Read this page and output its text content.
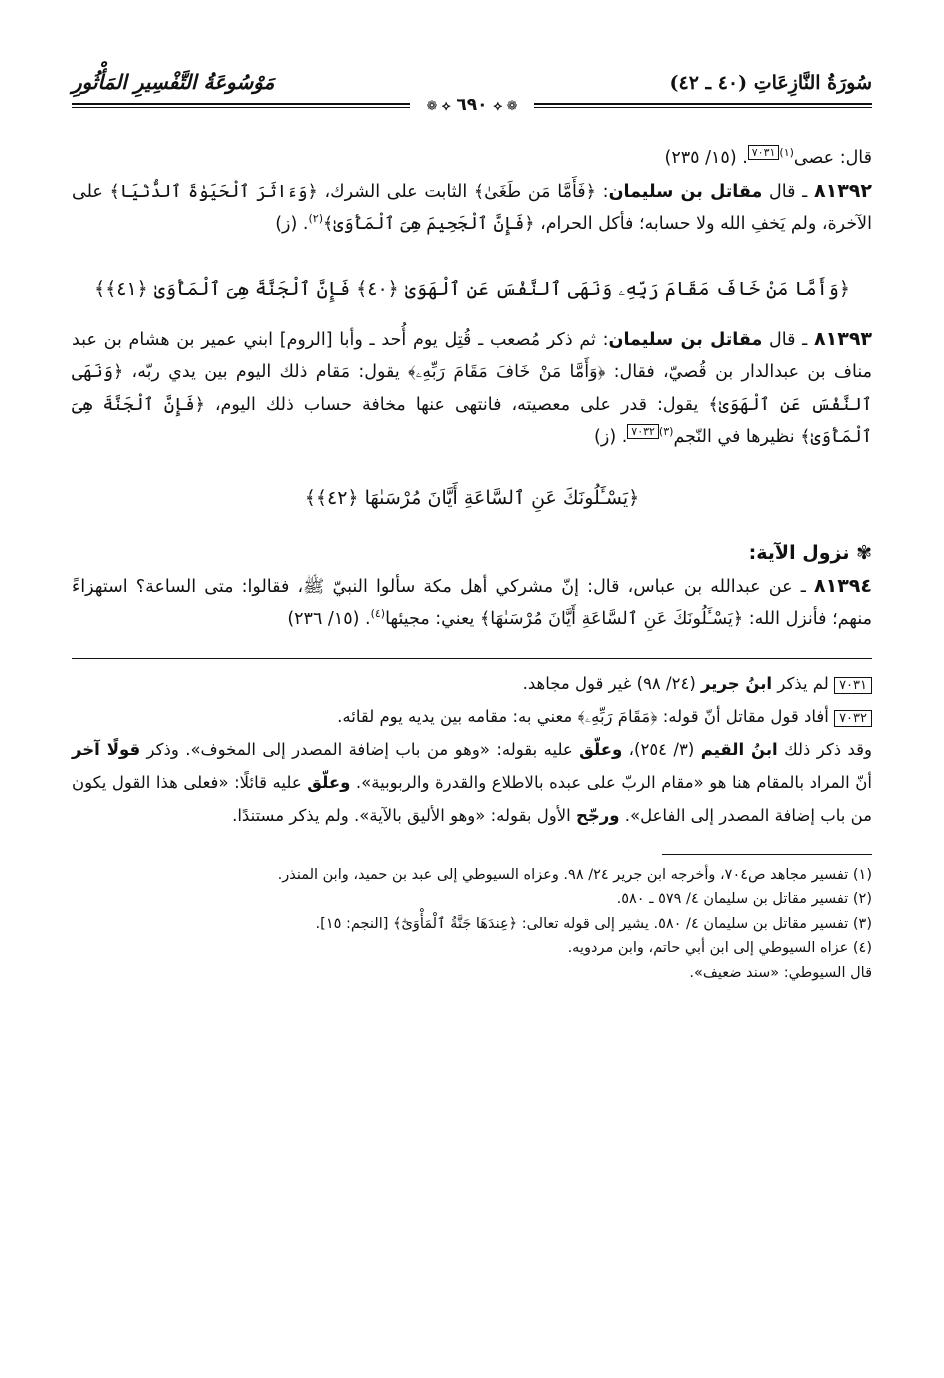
سُورَةُ النَّازِعَاتِ (٤٠ ـ ٤٢)
مَوْسُوعَةُ التَّفْسِيرِ المَأْثُورِ
❁ ⟡ ٦٩٠ ⟡ ❁

قال: عصى$^{(١)}$٧٠٣١. (١٥/ ٢٣٥)

٨١٣٩٢ ـ قال مقاتل بن سليمان: ﴿فَأَمَّا مَن طَغَىٰ﴾ الثابت على الشرك، ﴿وَءَاثَرَ ٱلْحَيَوٰةَ ٱلدُّنْيَا﴾ على الآخرة، ولم يَخفِ الله ولا حسابه؛ فأكل الحرام، ﴿فَإِنَّ ٱلْجَحِيمَ هِىَ ٱلْمَأْوَىٰ﴾$^{(٢)}$. (ز)

﴿وَأَمَّا مَنْ خَافَ مَقَامَ رَبِّهِۦ وَنَهَى ٱلنَّفْسَ عَنِ ٱلْهَوَىٰ ﴿٤٠﴾ فَإِنَّ ٱلْجَنَّةَ هِىَ ٱلْمَأْوَىٰ ﴿٤١﴾﴾

٨١٣٩٣ ـ قال مقاتل بن سليمان: ثم ذكر مُصعب ـ قُتِل يوم أُحد ـ وأبا [الروم] ابني عمير بن هشام بن عبد مناف بن عبدالدار بن قُصيّ، فقال: ﴿وَأَمَّا مَنْ خَافَ مَقَامَ رَبِّهِۦ﴾ يقول: مَقام ذلك اليوم بين يدي ربّه، ﴿وَنَهَى ٱلنَّفْسَ عَنِ ٱلْهَوَىٰ﴾ يقول: قدر على معصيته، فانتهى عنها مخافة حساب ذلك اليوم، ﴿فَإِنَّ ٱلْجَنَّةَ هِىَ ٱلْمَأْوَىٰ﴾ نظيرها في النّجم$^{(٣)}$٧٠٣٢. (ز)

﴿يَسْـَٔلُونَكَ عَنِ ٱلسَّاعَةِ أَيَّانَ مُرْسَىٰهَا ﴿٤٢﴾﴾

✾ نزول الآية:

٨١٣٩٤ ـ عن عبدالله بن عباس، قال: إنّ مشركي أهل مكة سألوا النبيّ ﷺ، فقالوا: متى الساعة؟ استهزاءً منهم؛ فأنزل الله: ﴿يَسْـَٔلُونَكَ عَنِ ٱلسَّاعَةِ أَيَّانَ مُرْسَىٰهَا﴾ يعني: مجيئها$^{(٤)}$. (١٥/ ٢٣٦)

٧٠٣١ لم يذكر ابنُ جرير (٢٤/ ٩٨) غير قول مجاهد.

٧٠٣٢ أفاد قول مقاتل أنّ قوله: ﴿مَقَامَ رَبِّهِۦ﴾ معني به: مقامه بين يديه يوم لقائه.

وقد ذكر ذلك ابنُ القيم (٣/ ٢٥٤)، وعلّق عليه بقوله: «وهو من باب إضافة المصدر إلى المخوف». وذكر قولًا آخر أنّ المراد بالمقام هنا هو «مقام الربّ على عبده بالاطلاع والقدرة والربوبية». وعلّق عليه قائلًا: «فعلى هذا القول يكون من باب إضافة المصدر إلى الفاعل». ورجّح الأول بقوله: «وهو الأليق بالآية». ولم يذكر مستندًا.

(١) تفسير مجاهد ص٧٠٤، وأخرجه ابن جرير ٢٤/ ٩٨. وعزاه السيوطي إلى عبد بن حميد، وابن المنذر.

(٢) تفسير مقاتل بن سليمان ٤/ ٥٧٩ ـ ٥٨٠.

(٣) تفسير مقاتل بن سليمان ٤/ ٥٨٠. يشير إلى قوله تعالى: ﴿عِندَهَا جَنَّةُ ٱلْمَأْوَىٰٓ﴾ [النجم: ١٥].

(٤) عزاه السيوطي إلى ابن أبي حاتم، وابن مردويه.

قال السيوطي: «سند ضعيف».
